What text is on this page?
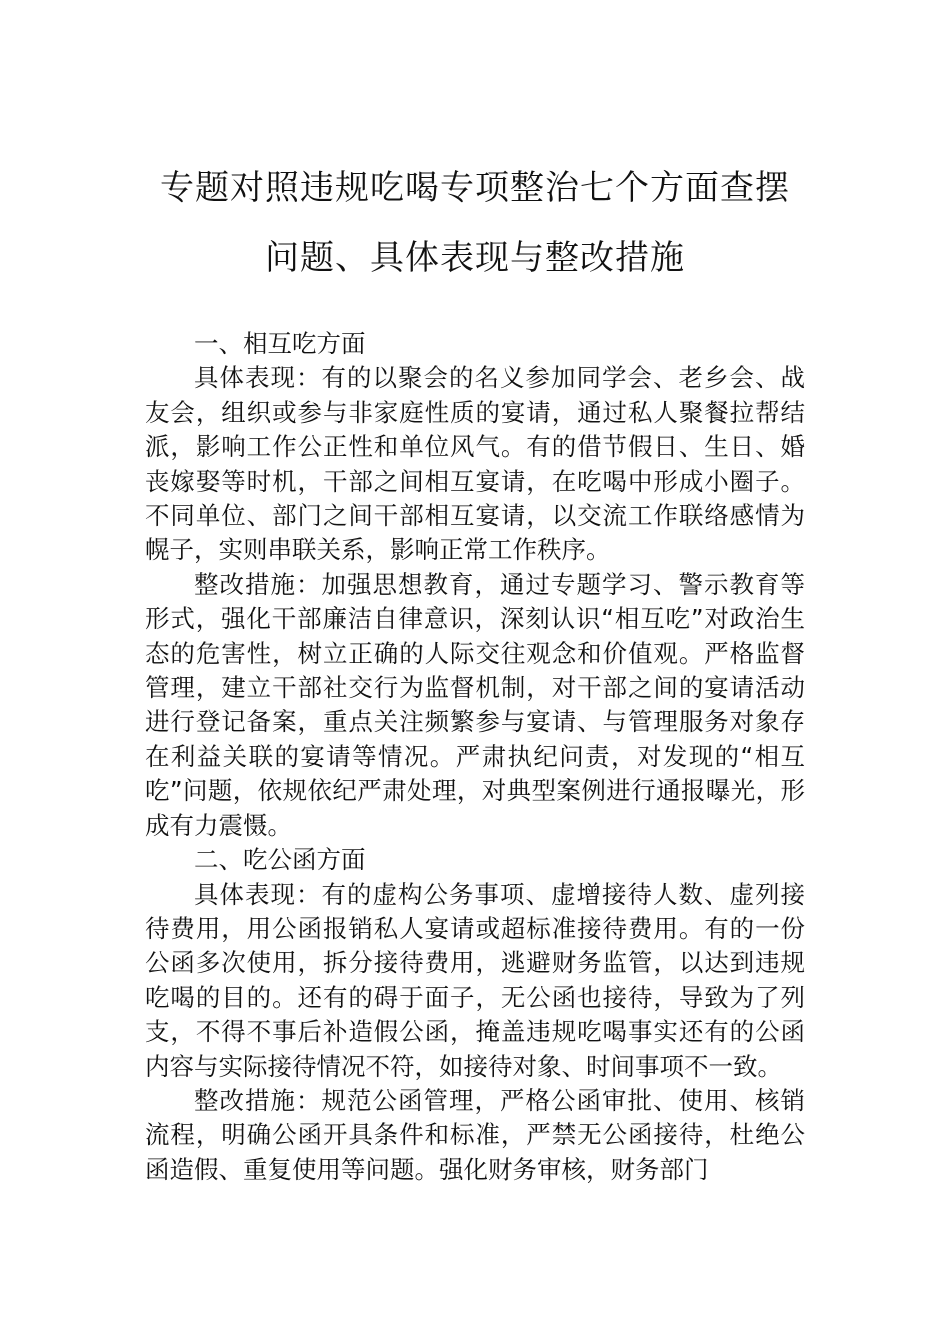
专题对照违规吃喝专项整治七个方面查摆
问题、具体表现与整改措施

一、相互吃方面

具体表现：有的以聚会的名义参加同学会、老乡会、战友会，组织或参与非家庭性质的宴请，通过私人聚餐拉帮结派，影响工作公正性和单位风气。有的借节假日、生日、婚丧嫁娶等时机，干部之间相互宴请，在吃喝中形成小圈子。不同单位、部门之间干部相互宴请，以交流工作联络感情为幌子，实则串联关系，影响正常工作秩序。

整改措施：加强思想教育，通过专题学习、警示教育等形式，强化干部廉洁自律意识，深刻认识“相互吃”对政治生态的危害性，树立正确的人际交往观念和价值观。严格监督管理，建立干部社交行为监督机制，对干部之间的宴请活动进行登记备案，重点关注频繁参与宴请、与管理服务对象存在利益关联的宴请等情况。严肃执纪问责，对发现的“相互吃”问题，依规依纪严肃处理，对典型案例进行通报曝光，形成有力震慑。

二、吃公函方面

具体表现：有的虚构公务事项、虚增接待人数、虚列接待费用，用公函报销私人宴请或超标准接待费用。有的一份公函多次使用，拆分接待费用，逃避财务监管，以达到违规吃喝的目的。还有的碍于面子，无公函也接待，导致为了列支，不得不事后补造假公函，掩盖违规吃喝事实还有的公函内容与实际接待情况不符，如接待对象、时间事项不一致。

整改措施：规范公函管理，严格公函审批、使用、核销流程，明确公函开具条件和标准，严禁无公函接待，杜绝公函造假、重复使用等问题。强化财务审核，财务部门
